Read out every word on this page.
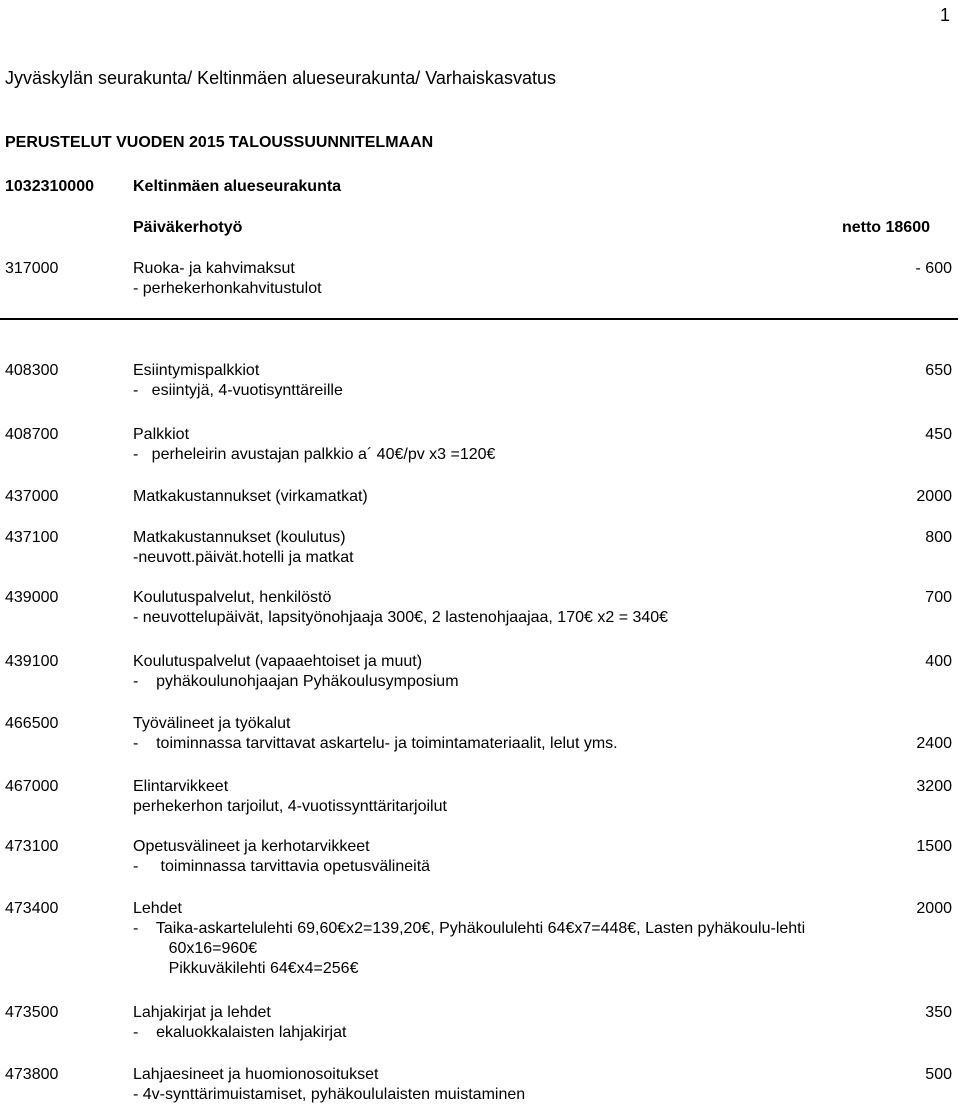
1
Jyväskylän seurakunta/ Keltinmäen alueseurakunta/ Varhaiskasvatus
PERUSTELUT VUODEN 2015 TALOUSSUUNNITELMAAN
1032310000 Keltinmäen alueseurakunta
Päiväkerhotyö	netto 18600
317000	Ruoka- ja kahvimaksut	- 600
- perhekerhonkahvitustulot
408300	Esiintymispalkkiot	650
-   esiintyjä, 4-vuotisynttäreille
408700	Palkkiot	450
-   perheleirin avustajan palkkio a´ 40€/pv x3 =120€
437000	Matkakustannukset (virkamatkat)	2000
437100	Matkakustannukset (koulutus)	800
-neuvott.päivät.hotelli ja matkat
439000	Koulutuspalvelut, henkilöstö	700
- neuvottelupäivät, lapsityönohjaaja 300€, 2 lastenohjaajaa, 170€ x2 = 340€
439100	Koulutuspalvelut (vapaaehtoiset ja muut)	400
-    pyhäkoulunohjaajan Pyhäkoulusymposium
466500	Työvälineet ja työkalut
-    toiminnassa tarvittavat askartelu- ja toimintamateriaalit, lelut yms.	2400
467000	Elintarvikkeet	3200
perhekerhon tarjoilut, 4-vuotissynttäritarjoilut
473100	Opetusvälineet ja kerhotarvikkeet	1500
-     toiminnassa tarvittavia opetusvälineitä
473400	Lehdet	2000
-    Taika-askartelulehti 69,60€x2=139,20€, Pyhäkoululehti 64€x7=448€, Lasten pyhäkoulu-lehti
60x16=960€
Pikkuväkilehti 64€x4=256€
473500	Lahjakirjat ja lehdet	350
-    ekaluokkalaisten lahjakirjat
473800	Lahjaesineet ja huomionosoitukset	500
- 4v-synttärimuistamiset, pyhäkoululaisten muistaminen
